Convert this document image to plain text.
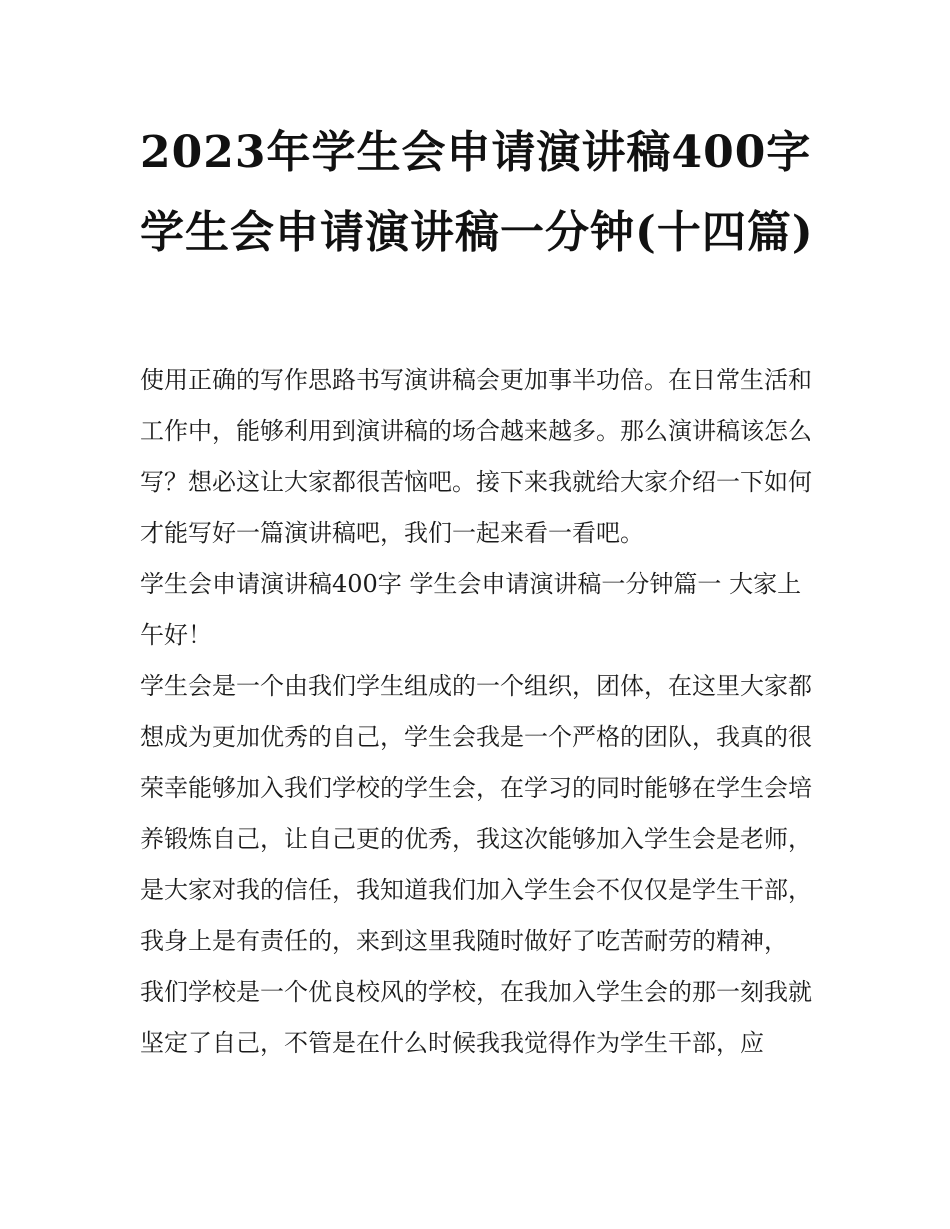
2023年学生会申请演讲稿400字 学生会申请演讲稿一分钟(十四篇)

使用正确的写作思路书写演讲稿会更加事半功倍。在日常生活和工作中，能够利用到演讲稿的场合越来越多。那么演讲稿该怎么写？想必这让大家都很苦恼吧。接下来我就给大家介绍一下如何才能写好一篇演讲稿吧，我们一起来看一看吧。

学生会申请演讲稿400字 学生会申请演讲稿一分钟篇一 大家上午好！

学生会是一个由我们学生组成的一个组织，团体，在这里大家都想成为更加优秀的自己，学生会我是一个严格的团队，我真的很荣幸能够加入我们学校的学生会，在学习的同时能够在学生会培养锻炼自己，让自己更的优秀，我这次能够加入学生会是老师，是大家对我的信任，我知道我们加入学生会不仅仅是学生干部，我身上是有责任的，来到这里我随时做好了吃苦耐劳的精神，

我们学校是一个优良校风的学校，在我加入学生会的那一刻我就坚定了自己，不管是在什么时候我我觉得作为学生干部，应
